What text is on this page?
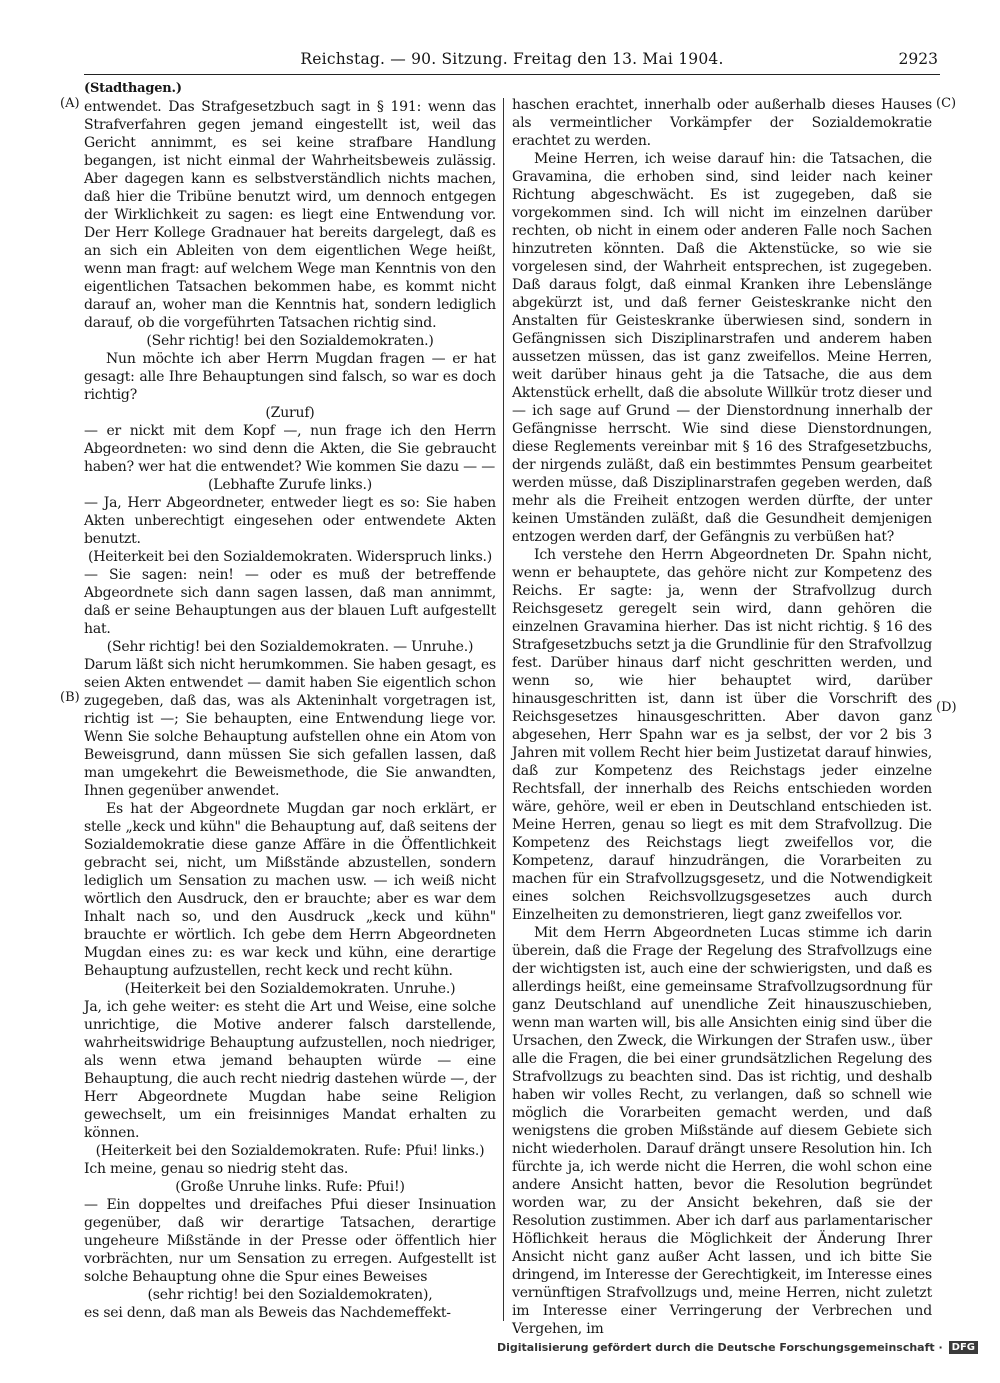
Reichstag. — 90. Sitzung. Freitag den 13. Mai 1904.	2923
(A)
(B)
(C)
(D)

(Stadthagen.)

entwendet. Das Strafgesetzbuch sagt in § 191: wenn das Strafverfahren gegen jemand eingestellt ist, weil das Gericht annimmt, es sei keine strafbare Handlung begangen, ist nicht einmal der Wahrheitsbeweis zulässig. Aber dagegen kann es selbstverständlich nichts machen, daß hier die Tribüne benutzt wird, um dennoch entgegen der Wirklichkeit zu sagen: es liegt eine Entwendung vor. Der Herr Kollege Gradnauer hat bereits dargelegt, daß es an sich ein Ableiten von dem eigentlichen Wege heißt, wenn man fragt: auf welchem Wege man Kenntnis von den eigentlichen Tatsachen bekommen habe, es kommt nicht darauf an, woher man die Kenntnis hat, sondern lediglich darauf, ob die vorgeführten Tatsachen richtig sind.

(Sehr richtig! bei den Sozialdemokraten.)

Nun möchte ich aber Herrn Mugdan fragen — er hat gesagt: alle Ihre Behauptungen sind falsch, so war es doch richtig?

(Zuruf)

— er nickt mit dem Kopf —, nun frage ich den Herrn Abgeordneten: wo sind denn die Akten, die Sie gebraucht haben? wer hat die entwendet? Wie kommen Sie dazu — —

(Lebhafte Zurufe links.)

— Ja, Herr Abgeordneter, entweder liegt es so: Sie haben Akten unberechtigt eingesehen oder entwendete Akten benutzt.

(Heiterkeit bei den Sozialdemokraten. Widerspruch links.)

— Sie sagen: nein! — oder es muß der betreffende Abgeordnete sich dann sagen lassen, daß man annimmt, daß er seine Behauptungen aus der blauen Luft aufgestellt hat.

(Sehr richtig! bei den Sozialdemokraten. — Unruhe.)

Darum läßt sich nicht herumkommen. Sie haben gesagt, es seien Akten entwendet — damit haben Sie eigentlich schon zugegeben, daß das, was als Akteninhalt vorgetragen ist, richtig ist —; Sie behaupten, eine Entwendung liege vor. Wenn Sie solche Behauptung aufstellen ohne ein Atom von Beweisgrund, dann müssen Sie sich gefallen lassen, daß man umgekehrt die Beweismethode, die Sie anwandten, Ihnen gegenüber anwendet.

Es hat der Abgeordnete Mugdan gar noch erklärt, er stelle „keck und kühn" die Behauptung auf, daß seitens der Sozialdemokratie diese ganze Affäre in die Öffentlichkeit gebracht sei, nicht, um Mißstände abzustellen, sondern lediglich um Sensation zu machen usw. — ich weiß nicht wörtlich den Ausdruck, den er brauchte; aber es war dem Inhalt nach so, und den Ausdruck „keck und kühn" brauchte er wörtlich. Ich gebe dem Herrn Abgeordneten Mugdan eines zu: es war keck und kühn, eine derartige Behauptung aufzustellen, recht keck und recht kühn.

(Heiterkeit bei den Sozialdemokraten. Unruhe.)

Ja, ich gehe weiter: es steht die Art und Weise, eine solche unrichtige, die Motive anderer falsch darstellende, wahrheitswidrige Behauptung aufzustellen, noch niedriger, als wenn etwa jemand behaupten würde — eine Behauptung, die auch recht niedrig dastehen würde —, der Herr Abgeordnete Mugdan habe seine Religion gewechselt, um ein freisinniges Mandat erhalten zu können.

(Heiterkeit bei den Sozialdemokraten. Rufe: Pfui! links.)

Ich meine, genau so niedrig steht das.

(Große Unruhe links. Rufe: Pfui!)

— Ein doppeltes und dreifaches Pfui dieser Insinuation gegenüber, daß wir derartige Tatsachen, derartige ungeheure Mißstände in der Presse oder öffentlich hier vorbrächten, nur um Sensation zu erregen. Aufgestellt ist solche Behauptung ohne die Spur eines Beweises

(sehr richtig! bei den Sozialdemokraten),

es sei denn, daß man als Beweis das Nachdemeffekt-

haschen erachtet, innerhalb oder außerhalb dieses Hauses als vermeintlicher Vorkämpfer der Sozialdemokratie erachtet zu werden.

Meine Herren, ich weise darauf hin: die Tatsachen, die Gravamina, die erhoben sind, sind leider nach keiner Richtung abgeschwächt. Es ist zugegeben, daß sie vorgekommen sind. Ich will nicht im einzelnen darüber rechten, ob nicht in einem oder anderen Falle noch Sachen hinzutreten könnten. Daß die Aktenstücke, so wie sie vorgelesen sind, der Wahrheit entsprechen, ist zugegeben. Daß daraus folgt, daß einmal Kranken ihre Lebenslänge abgekürzt ist, und daß ferner Geisteskranke nicht den Anstalten für Geisteskranke überwiesen sind, sondern in Gefängnissen sich Disziplinarstrafen und anderem haben aussetzen müssen, das ist ganz zweifellos. Meine Herren, weit darüber hinaus geht ja die Tatsache, die aus dem Aktenstück erhellt, daß die absolute Willkür trotz dieser und — ich sage auf Grund — der Dienstordnung innerhalb der Gefängnisse herrscht. Wie sind diese Dienstordnungen, diese Reglements vereinbar mit § 16 des Strafgesetzbuchs, der nirgends zuläßt, daß ein bestimmtes Pensum gearbeitet werden müsse, daß Disziplinarstrafen gegeben werden, daß mehr als die Freiheit entzogen werden dürfte, der unter keinen Umständen zuläßt, daß die Gesundheit demjenigen entzogen werden darf, der Gefängnis zu verbüßen hat?

Ich verstehe den Herrn Abgeordneten Dr. Spahn nicht, wenn er behauptete, das gehöre nicht zur Kompetenz des Reichs. Er sagte: ja, wenn der Strafvollzug durch Reichsgesetz geregelt sein wird, dann gehören die einzelnen Gravamina hierher. Das ist nicht richtig. § 16 des Strafgesetzbuchs setzt ja die Grundlinie für den Strafvollzug fest. Darüber hinaus darf nicht geschritten werden, und wenn so, wie hier behauptet wird, darüber hinausgeschritten ist, dann ist über die Vorschrift des Reichsgesetzes hinausgeschritten. Aber davon ganz abgesehen, Herr Spahn war es ja selbst, der vor 2 bis 3 Jahren mit vollem Recht hier beim Justizetat darauf hinwies, daß zur Kompetenz des Reichstags jeder einzelne Rechtsfall, der innerhalb des Reichs entschieden worden wäre, gehöre, weil er eben in Deutschland entschieden ist. Meine Herren, genau so liegt es mit dem Strafvollzug. Die Kompetenz des Reichstags liegt zweifellos vor, die Kompetenz, darauf hinzudrängen, die Vorarbeiten zu machen für ein Strafvollzugsgesetz, und die Notwendigkeit eines solchen Reichsvollzugsgesetzes auch durch Einzelheiten zu demonstrieren, liegt ganz zweifellos vor.

Mit dem Herrn Abgeordneten Lucas stimme ich darin überein, daß die Frage der Regelung des Strafvollzugs eine der wichtigsten ist, auch eine der schwierigsten, und daß es allerdings heißt, eine gemeinsame Strafvollzugsordnung für ganz Deutschland auf unendliche Zeit hinauszuschieben, wenn man warten will, bis alle Ansichten einig sind über die Ursachen, den Zweck, die Wirkungen der Strafen usw., über alle die Fragen, die bei einer grundsätzlichen Regelung des Strafvollzugs zu beachten sind. Das ist richtig, und deshalb haben wir volles Recht, zu verlangen, daß so schnell wie möglich die Vorarbeiten gemacht werden, und daß wenigstens die groben Mißstände auf diesem Gebiete sich nicht wiederholen. Darauf drängt unsere Resolution hin. Ich fürchte ja, ich werde nicht die Herren, die wohl schon eine andere Ansicht hatten, bevor die Resolution begründet worden war, zu der Ansicht bekehren, daß sie der Resolution zustimmen. Aber ich darf aus parlamentarischer Höflichkeit heraus die Möglichkeit der Änderung Ihrer Ansicht nicht ganz außer Acht lassen, und ich bitte Sie dringend, im Interesse der Gerechtigkeit, im Interesse eines vernünftigen Strafvollzugs und, meine Herren, nicht zuletzt im Interesse einer Verringerung der Verbrechen und Vergehen, im

Digitalisierung gefördert durch die Deutsche Forschungsgemeinschaft · DFG
